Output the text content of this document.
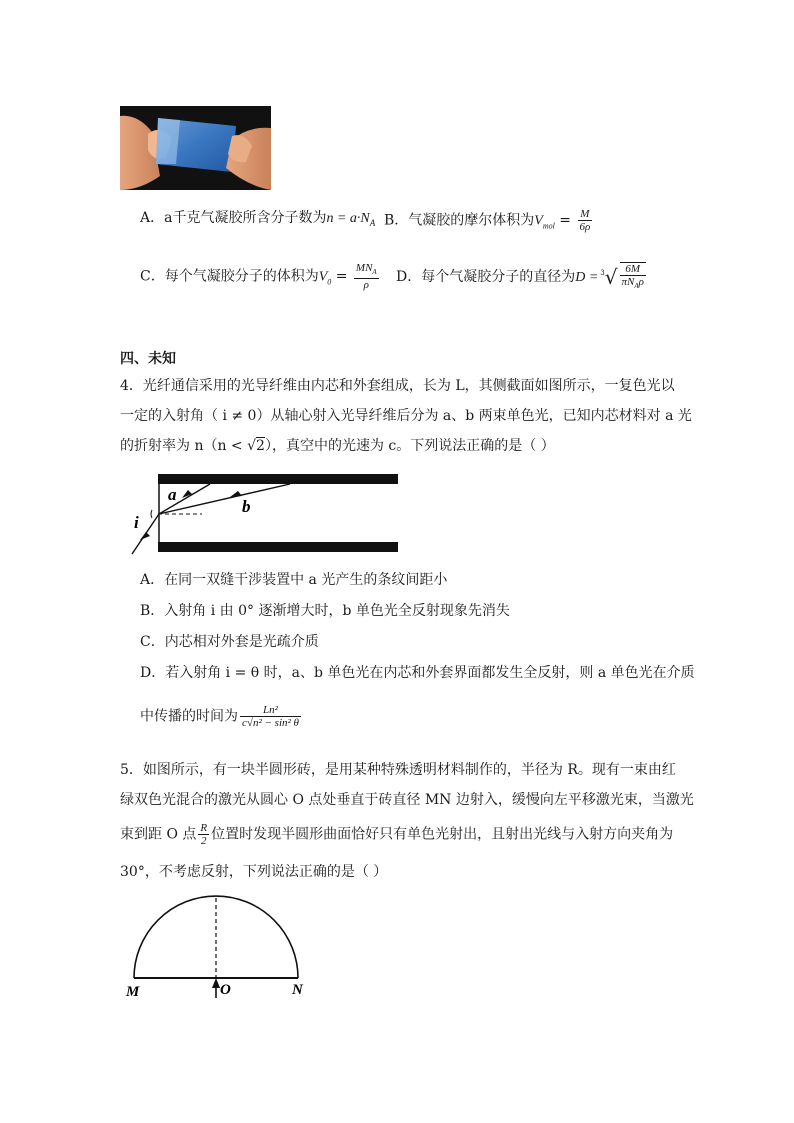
A．a千克气凝胶所含分子数为$n = a\cdot N_A$ B．气凝胶的摩尔体积为$V_{mol} = \frac{M}{6\rho}$
C．每个气凝胶分子的体积为$V_0 = \frac{MN_A}{\rho}$ D．每个气凝胶分子的直径为$D = ^3√ \frac{6M}{\pi N_A\rho}$
四、未知
4．光纤通信采用的光导纤维由内芯和外套组成，长为 L，其侧截面如图所示，一复色光以
一定的入射角（ i ≠ 0）从轴心射入光导纤维后分为 a、b 两束单色光，已知内芯材料对 a 光
的折射率为 n（n < √2），真空中的光速为 c。下列说法正确的是（ ）
a
b
i
A．在同一双缝干涉装置中 a 光产生的条纹间距小
B．入射角 i 由 0° 逐渐增大时，b 单色光全反射现象先消失
C．内芯相对外套是光疏介质
D．若入射角 i = θ 时，a、b 单色光在内芯和外套界面都发生全反射，则 a 单色光在介质
中传播的时间为 $\frac{\text{Ln²}}{\text{c√n² − sin² θ}}$
5．如图所示，有一块半圆形砖，是用某种特殊透明材料制作的，半径为 R。现有一束由红
绿双色光混合的激光从圆心 O 点处垂直于砖直径 MN 边射入，缓慢向左平移激光束，当激光
束到距 O 点 $\frac{R}{2}$ 位置时发现半圆形曲面恰好只有单色光射出，且射出光线与入射方向夹角为
30°，不考虑反射，下列说法正确的是（ ）
M	O	N
